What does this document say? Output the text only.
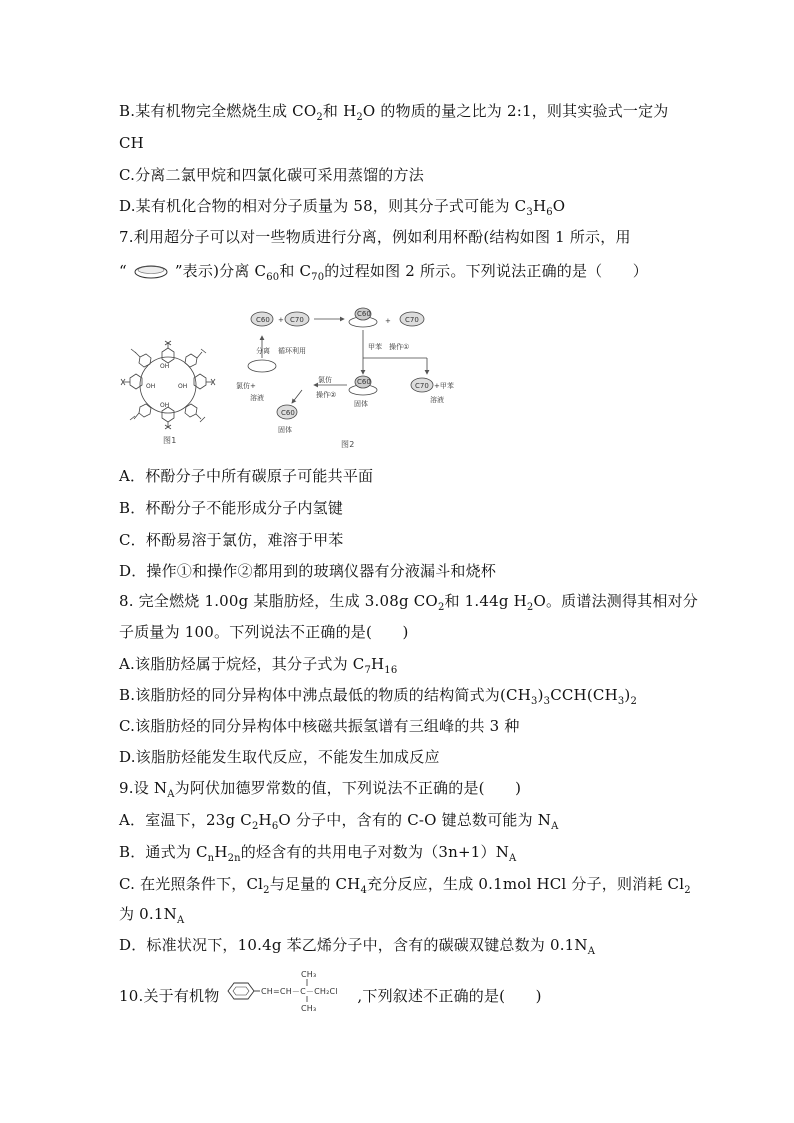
B.某有机物完全燃烧生成 $CO_2$和 $H_2O$ 的物质的量之比为 2:1，则其实验式一定为
CH
C.分离二氯甲烷和四氯化碳可采用蒸馏的方法
D.某有机化合物的相对分子质量为 58，则其分子式可能为 $C_3H_6O$
7.利用超分子可以对一些物质进行分离，例如利用杯酚(结构如图 1 所示，用
“	”表示)分离 $C_{60}$和 $C_{70}$的过程如图 2 所示。下列说法正确的是（　　）
OH
OH
OH	OH
图1
C60 + C70
C60
+ C70
甲苯　操作①
分离 循环利用
氯仿+
溶液
氯仿
操作②
C60
固体
C70 +甲苯
溶液
C60
固体
图2
A．杯酚分子中所有碳原子可能共平面
B．杯酚分子不能形成分子内氢键
C．杯酚易溶于氯仿，难溶于甲苯
D．操作①和操作②都用到的玻璃仪器有分液漏斗和烧杯
8. 完全燃烧 1.00g 某脂肪烃，生成 3.08g $CO_2$和 1.44g $H_2O$。质谱法测得其相对分
子质量为 100。下列说法不正确的是(　　)
A.该脂肪烃属于烷烃，其分子式为 $C_7H_{16}$
B.该脂肪烃的同分异构体中沸点最低的物质的结构简式为$(CH_3)_3CCH(CH_3)_2$
C.该脂肪烃的同分异构体中核磁共振氢谱有三组峰的共 3 种
D.该脂肪烃能发生取代反应，不能发生加成反应
9.设 $N_A$为阿伏加德罗常数的值，下列说法不正确的是(　　)
A．室温下，23g $C_2H_6O$ 分子中，含有的 C-O 键总数可能为 $N_A$
B．通式为 $C_nH_{2n}$的烃含有的共用电子对数为$(3n+1)N_A$
C. 在光照条件下，$Cl_2$与足量的 $CH_4$充分反应，生成 0.1mol HCl 分子，则消耗 $Cl_2$
为 $0.1N_A$
D．标准状况下，10.4g 苯乙烯分子中，含有的碳碳双键总数为 $0.1N_A$
10.关于有机物	CH=CH－C－CH₂Cl
CH₃
CH₃
,下列叙述不正确的是(　　)
